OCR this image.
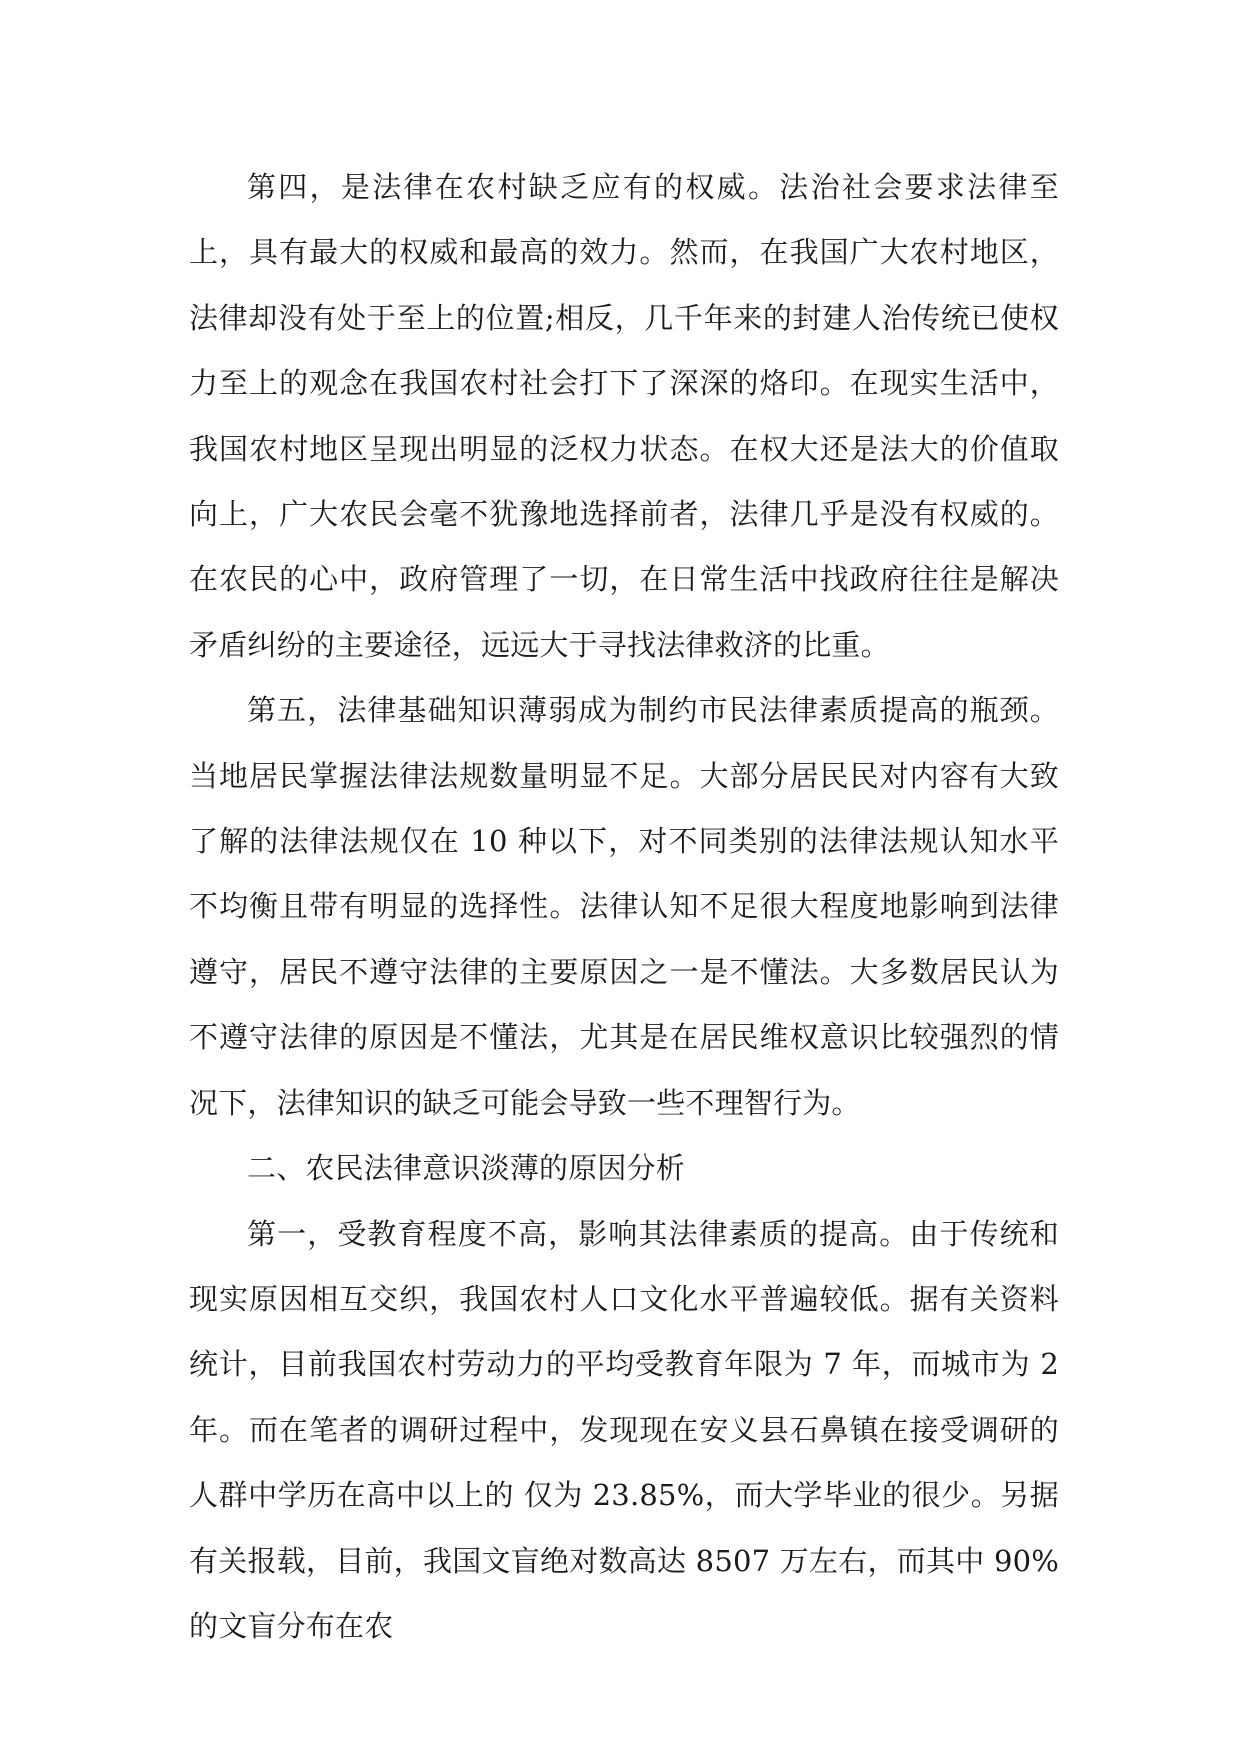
第四，是法律在农村缺乏应有的权威。法治社会要求法律至上，具有最大的权威和最高的效力。然而，在我国广大农村地区，法律却没有处于至上的位置;相反，几千年来的封建人治传统已使权力至上的观念在我国农村社会打下了深深的烙印。在现实生活中，我国农村地区呈现出明显的泛权力状态。在权大还是法大的价值取向上，广大农民会毫不犹豫地选择前者，法律几乎是没有权威的。在农民的心中，政府管理了一切，在日常生活中找政府往往是解决矛盾纠纷的主要途径，远远大于寻找法律救济的比重。

第五，法律基础知识薄弱成为制约市民法律素质提高的瓶颈。当地居民掌握法律法规数量明显不足。大部分居民民对内容有大致了解的法律法规仅在 10 种以下，对不同类别的法律法规认知水平不均衡且带有明显的选择性。法律认知不足很大程度地影响到法律遵守，居民不遵守法律的主要原因之一是不懂法。大多数居民认为不遵守法律的原因是不懂法，尤其是在居民维权意识比较强烈的情况下，法律知识的缺乏可能会导致一些不理智行为。

二、农民法律意识淡薄的原因分析

第一，受教育程度不高，影响其法律素质的提高。由于传统和现实原因相互交织，我国农村人口文化水平普遍较低。据有关资料统计，目前我国农村劳动力的平均受教育年限为 7 年，而城市为 2 年。而在笔者的调研过程中，发现现在安义县石鼻镇在接受调研的人群中学历在高中以上的 仅为 23.85%，而大学毕业的很少。另据有关报载，目前，我国文盲绝对数高达 8507 万左右，而其中 90%的文盲分布在农
